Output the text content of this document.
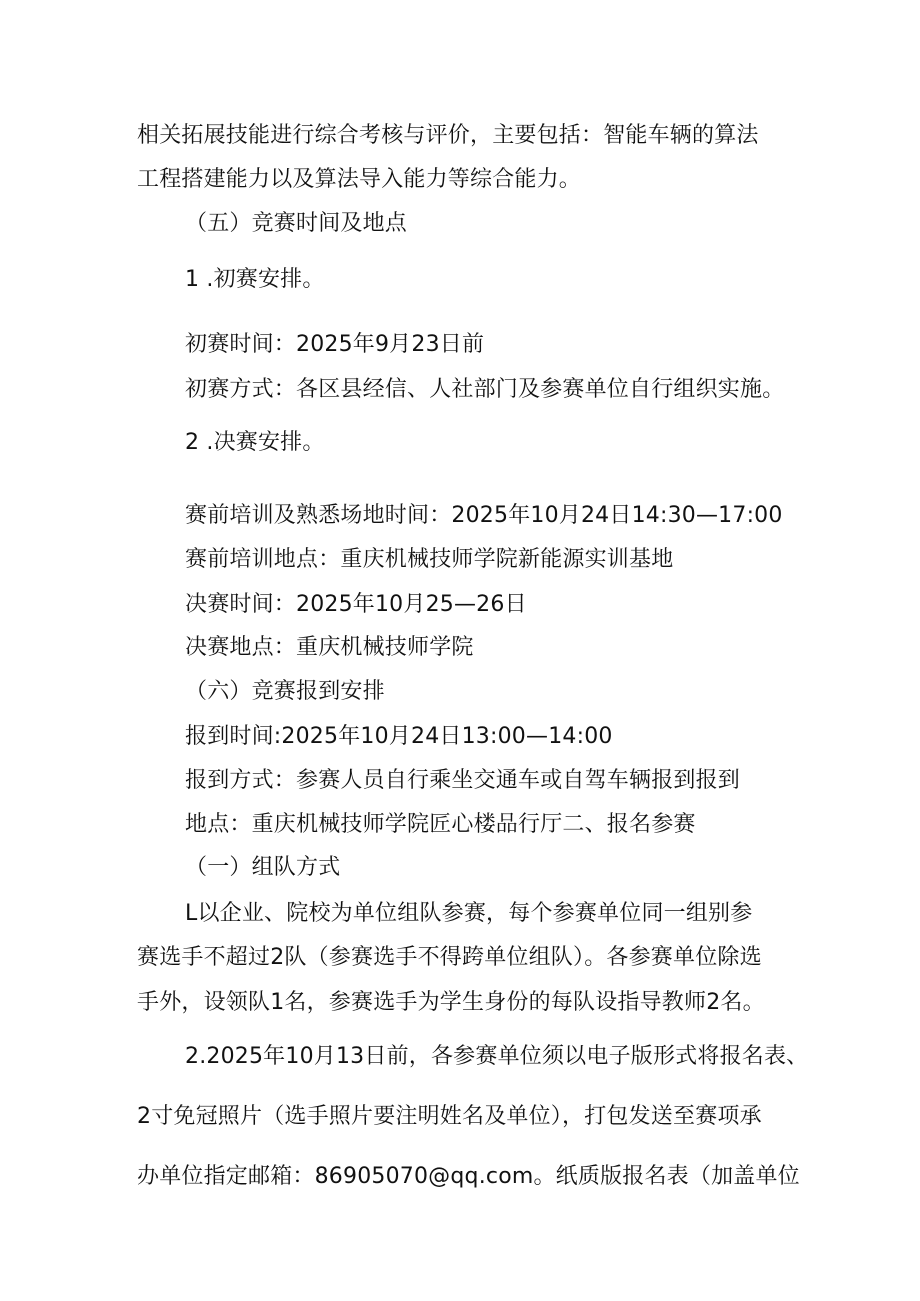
相关拓展技能进行综合考核与评价，主要包括：智能车辆的算法
工程搭建能力以及算法导入能力等综合能力。
（五）竞赛时间及地点
1 .初赛安排。
初赛时间：2025年9月23日前
初赛方式：各区县经信、人社部门及参赛单位自行组织实施。
2 .决赛安排。
赛前培训及熟悉场地时间：2025年10月24日14:30—17:00
赛前培训地点：重庆机械技师学院新能源实训基地
决赛时间：2025年10月25—26日
决赛地点：重庆机械技师学院
（六）竞赛报到安排
报到时间:2025年10月24日13:00—14:00
报到方式：参赛人员自行乘坐交通车或自驾车辆报到报到
地点：重庆机械技师学院匠心楼品行厅二、报名参赛
（一）组队方式
L以企业、院校为单位组队参赛，每个参赛单位同一组别参
赛选手不超过2队（参赛选手不得跨单位组队）。各参赛单位除选
手外，设领队1名，参赛选手为学生身份的每队设指导教师2名。
2.2025年10月13日前，各参赛单位须以电子版形式将报名表、
2寸免冠照片（选手照片要注明姓名及单位），打包发送至赛项承
办单位指定邮箱：86905070@qq.com。纸质版报名表（加盖单位
